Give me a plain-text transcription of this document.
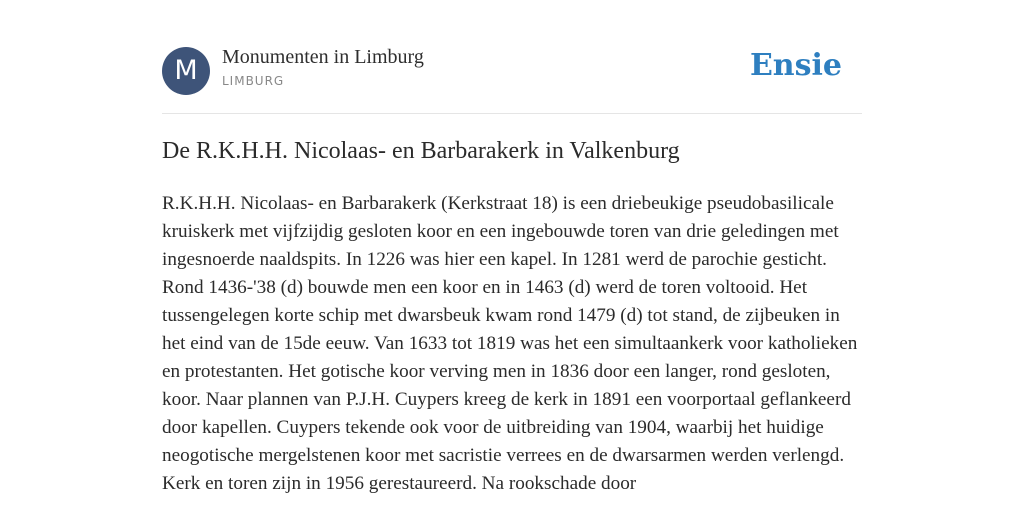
M	Monumenten in Limburg
LIMBURG	Ensie
De R.K.H.H. Nicolaas- en Barbarakerk in Valkenburg

R.K.H.H. Nicolaas- en Barbarakerk (Kerkstraat 18) is een driebeukige pseudobasilicale kruiskerk met vijfzijdig gesloten koor en een ingebouwde toren van drie geledingen met ingesnoerde naaldspits. In 1226 was hier een kapel. In 1281 werd de parochie gesticht. Rond 1436-'38 (d) bouwde men een koor en in 1463 (d) werd de toren voltooid. Het tussengelegen korte schip met dwarsbeuk kwam rond 1479 (d) tot stand, de zijbeuken in het eind van de 15de eeuw. Van 1633 tot 1819 was het een simultaankerk voor katholieken en protestanten. Het gotische koor verving men in 1836 door een langer, rond gesloten, koor. Naar plannen van P.J.H. Cuypers kreeg de kerk in 1891 een voorportaal geflankeerd door kapellen. Cuypers tekende ook voor de uitbreiding van 1904, waarbij het huidige neogotische mergelstenen koor met sacristie verrees en de dwarsarmen werden verlengd. Kerk en toren zijn in 1956 gerestaureerd. Na rookschade door
